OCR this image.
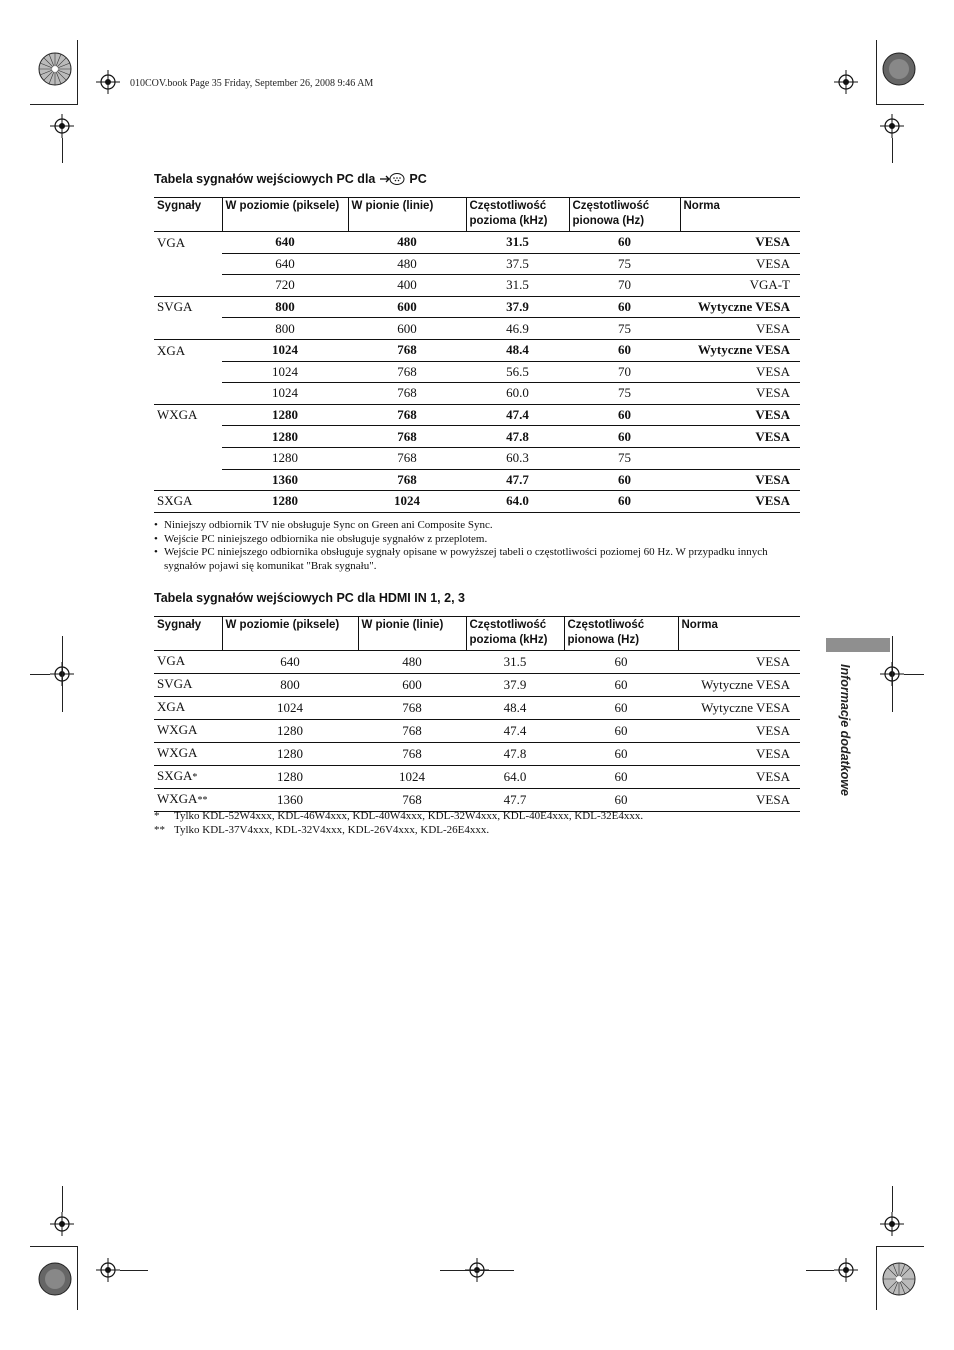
010COV.book Page 35 Friday, September 26, 2008 9:46 AM
Tabela sygnałów wejściowych PC dla	PC
Sygnały	W poziomie (piksele)	W pionie (linie)	Częstotliwość pozioma (kHz)	Częstotliwość pionowa (Hz)	Norma
VGA	640	480	31.5	60	VESA
	640	480	37.5	75	VESA
	720	400	31.5	70	VGA-T
SVGA	800	600	37.9	60	Wytyczne VESA
	800	600	46.9	75	VESA
XGA	1024	768	48.4	60	Wytyczne VESA
	1024	768	56.5	70	VESA
	1024	768	60.0	75	VESA
WXGA	1280	768	47.4	60	VESA
	1280	768	47.8	60	VESA
	1280	768	60.3	75	
	1360	768	47.7	60	VESA
SXGA	1280	1024	64.0	60	VESA
• Niniejszy odbiornik TV nie obsługuje Sync on Green ani Composite Sync.
• Wejście PC niniejszego odbiornika nie obsługuje sygnałów z przeplotem.
• Wejście PC niniejszego odbiornika obsługuje sygnały opisane w powyższej tabeli o częstotliwości poziomej 60 Hz. W przypadku innych sygnałów pojawi się komunikat "Brak sygnału".
Tabela sygnałów wejściowych PC dla HDMI IN 1, 2, 3
Sygnały	W poziomie (piksele)	W pionie (linie)	Częstotliwość pozioma (kHz)	Częstotliwość pionowa (Hz)	Norma
VGA	640	480	31.5	60	VESA
SVGA	800	600	37.9	60	Wytyczne VESA
XGA	1024	768	48.4	60	Wytyczne VESA
WXGA	1280	768	47.4	60	VESA
WXGA	1280	768	47.8	60	VESA
SXGA*	1280	1024	64.0	60	VESA
WXGA**	1360	768	47.7	60	VESA
*	Tylko KDL-52W4xxx, KDL-46W4xxx, KDL-40W4xxx, KDL-32W4xxx, KDL-40E4xxx, KDL-32E4xxx.
** Tylko KDL-37V4xxx, KDL-32V4xxx, KDL-26V4xxx, KDL-26E4xxx.
Informacje dodatkowe
